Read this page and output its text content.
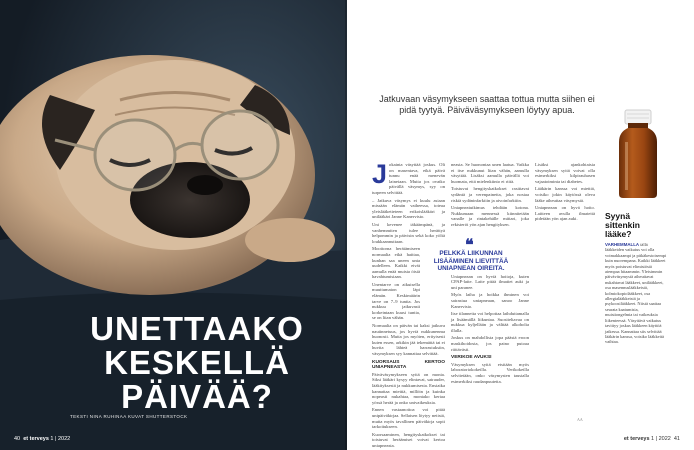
UNETTAAKO KESKELLÄ PÄIVÄÄ?
TEKSTI NINA RUHINAA KUVAT SHUTTERSTOCK
40 et terveys 1 | 2022
Jatkuvaan väsymykseen saattaa tottua mutta siihen ei pidä tyytyä. Päiväväsymykseen löytyy apua.
J okainta väsyttää joskus. Oli on masentava, eikä päivä tunnu enää menevän laineiaan. Mutta jos ovatko päivällä väsymys, syy on turpeen selvittää.

– Jatkuva väsymys ei kuulu asiaan missään elämän vaiheessa, toteaa yleislääketieteen erikoislääkäri ja unilääkäri Janne Kanervisto.

Uni kevenee iäkäämpänä, ja vanhemmiten tulee herättyä helpommin ja päivisin sekä koko yöltä loukkaannuttaan.

Moottorna herätämiseen normaalia eikä haittaa, kunhan saa uneen unta uudelleen. Kaikki eivät aamulla enää muista öisiä havahtumisiaan.

Unentarve on aikuisella muuttumaton läpi elämän. Keskimäärin tarve on 7–9 tuntia. Jos nukkuu jatkuvasti korkeintaan kuusi tuntia, se on liian vähän.

Normaalia on päivän tai kaksi jatkuva nautinnetuus, jos hyviä nukkunenma huonosti. Mutta jos myöten, erityisesti kuten essen, arkikin jää tekemättä tai ei huvita lähteä harrastuksiin, väsymyksen syy kannattaa selvittää.

KUORSAUS KERTOO UNIAPNEASTA

Päiväväsymykseen syitä on monia. Siksi lääkäri kysyy elintavat, sairauder, lääkityksestä ja nukkumisesta. Ensiaika kannattaa miettiä, millöin ja kuinka nopeasti nukahtaa, montako kertaa yössä herää ja onko univaikeuksia.

Ennen vastaanottoa voi pitää unipäiväkirjaa. Sellaisen löytyy netistä, mutta myös tavallinen päiväkirja sopii tarkoitukseen.

Kuorsaaminen, hengityskatkokset tai toistuvat heräämiset voivat kertoa uniapneasta.

neasta. Se huonontaa unen laatua. Vaikka ei itse nukkunut liian vähän, aamulla väsyttää. Lisäksi aamulla päivällä voi huomata, että mielenkiinto ei riitä.

Toistuvat hengityskatkokset rasittavat sydäntä ja verenpainetta, joka nostaa riskiä sydäninfarktiin ja aivoinfarktiin.

Uniapneatutkimus tehdään kotona. Nukkumaan mennessä kiinnitetään vanalle ja rintakehälle mittari, joka rekisteröi yön ajan hengityksen.

Uniapneaan on hyviä hoitoja, kuten CPAP-laite. Laite pitää ilmatiet auki ja uni paranee.

Myös laiha ja hoikka ihminen voi sairastua uniapneaan, sanoo Janne Kanervisto.

Itse tilannetta voi helpottaa laihduttamalla ja lisäämällä liikuntaa. Suositeltavaa on nukkua kyljellään ja välttää alkoholia illalla.

Joskus on mahdollista jopa päästä eroon maskihoidosta, jos paino putoaa riittävästi.

VERIKOE AVUKSI

Väsymyksen syitä etsitään myös laboratoriokokeilla. Verikokeilla selvitetään, onko väsymysten taustalla esimerkiksi raudanpuutetta.

Lisäksi ajankohtaisia väsymyksen syitä voivat olla esimerkiksi kilpirauhasen vajaatoiminta tai diabetes.

Lääkärin kanssa voi miettiä, voisiko jokin käytössä oleva lääke aiheuttaa väsymystä.

Uniapneaan on hyvä hoito. Laitteen avulla ilmateitä pidetään yön ajan auki.

❝
PELKKÄ LIIKUNNAN LISÄÄMINEN LIEVITTÄÄ UNIAPNEAN OIREITA.
Syynä sittenkin lääke?
VARHEMMALLA iällä lääkkeiden vaikutus voi olla voimakkaampi ja pitkäkestoisempi kuin nuorempana. Kaikki lääkkeet myös poistuvat elimistöstä aiempaa hitaammin. Yleisimmin päiväväsymystä aiheuttavat nukahtavat lääkkeet, unilääkkeet, osa masennuslääkkeistä, kolmiokopiolääkkeet, osa allergialääkkeistä ja psykoosilääkkeet. Niistä saattaa seurata kaatumisia, muistiongelmia tai vaikeuksia liikenteessä. Väsyttävä vaikutus tavittyy joskus lääkkeen käyttöä jatkessa. Kannattaa siis selvittää lääkärin kanssa, voisiko lääkkeitä vaihtaa.
AA
et terveys 1 | 2022 41
